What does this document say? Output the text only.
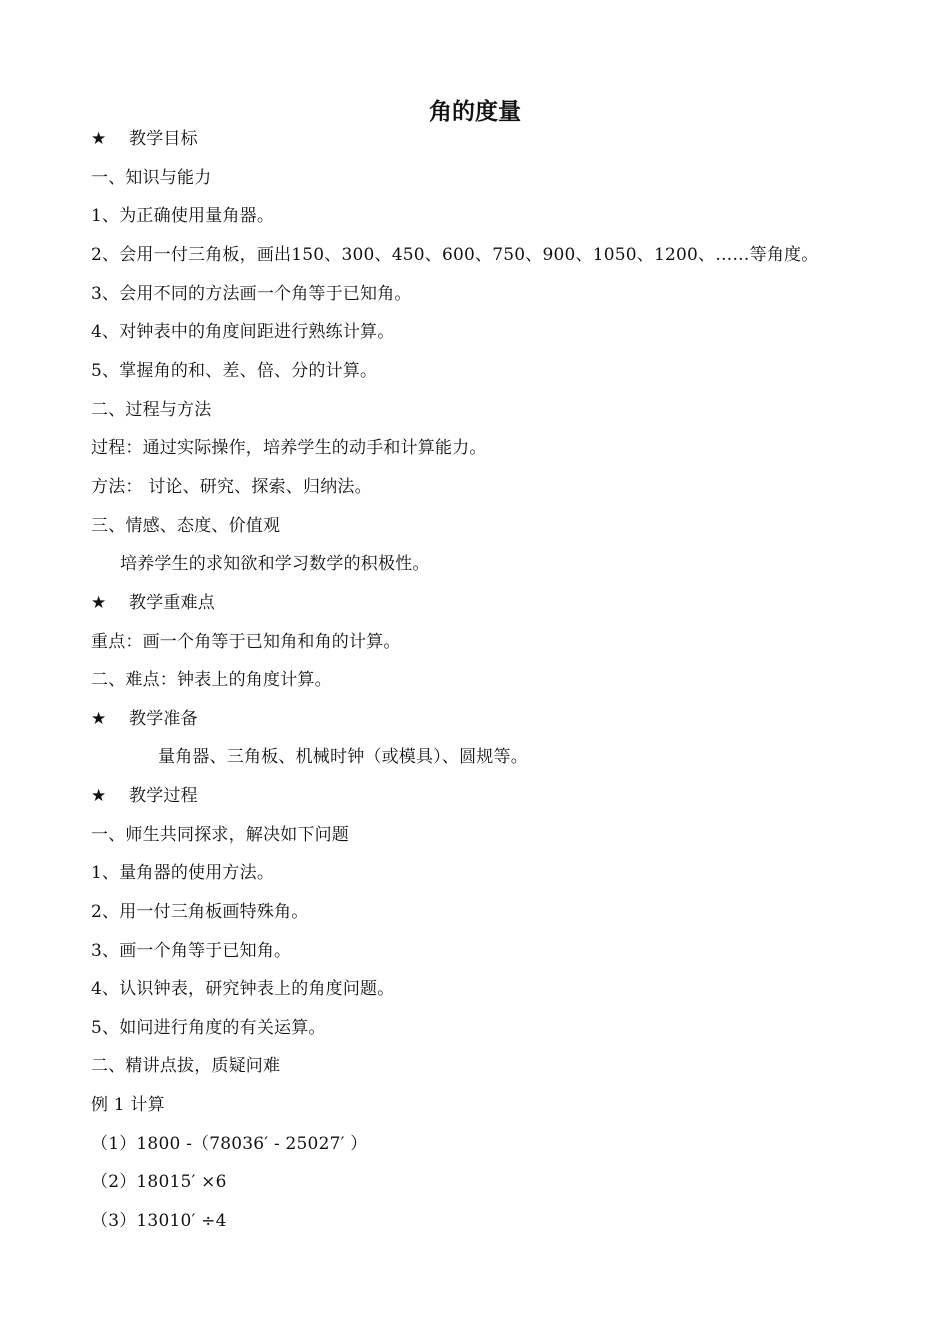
角的度量
★ 教学目标
一、知识与能力
1、为正确使用量角器。
2、会用一付三角板，画出150、300、450、600、750、900、1050、1200、……等角度。
3、会用不同的方法画一个角等于已知角。
4、对钟表中的角度间距进行熟练计算。
5、掌握角的和、差、倍、分的计算。
二、过程与方法
过程：通过实际操作，培养学生的动手和计算能力。
方法： 讨论、研究、探索、归纳法。
三、情感、态度、价值观
培养学生的求知欲和学习数学的积极性。
★ 教学重难点
重点：画一个角等于已知角和角的计算。
二、难点：钟表上的角度计算。
★ 教学准备
量角器、三角板、机械时钟（或模具）、圆规等。
★ 教学过程
一、师生共同探求，解决如下问题
1、量角器的使用方法。
2、用一付三角板画特殊角。
3、画一个角等于已知角。
4、认识钟表，研究钟表上的角度问题。
5、如问进行角度的有关运算。
二、精讲点拔，质疑问难
例 1 计算
（1）1800 -（78036′ - 25027′ ）
（2）18015′ ×6
（3）13010′ ÷4
